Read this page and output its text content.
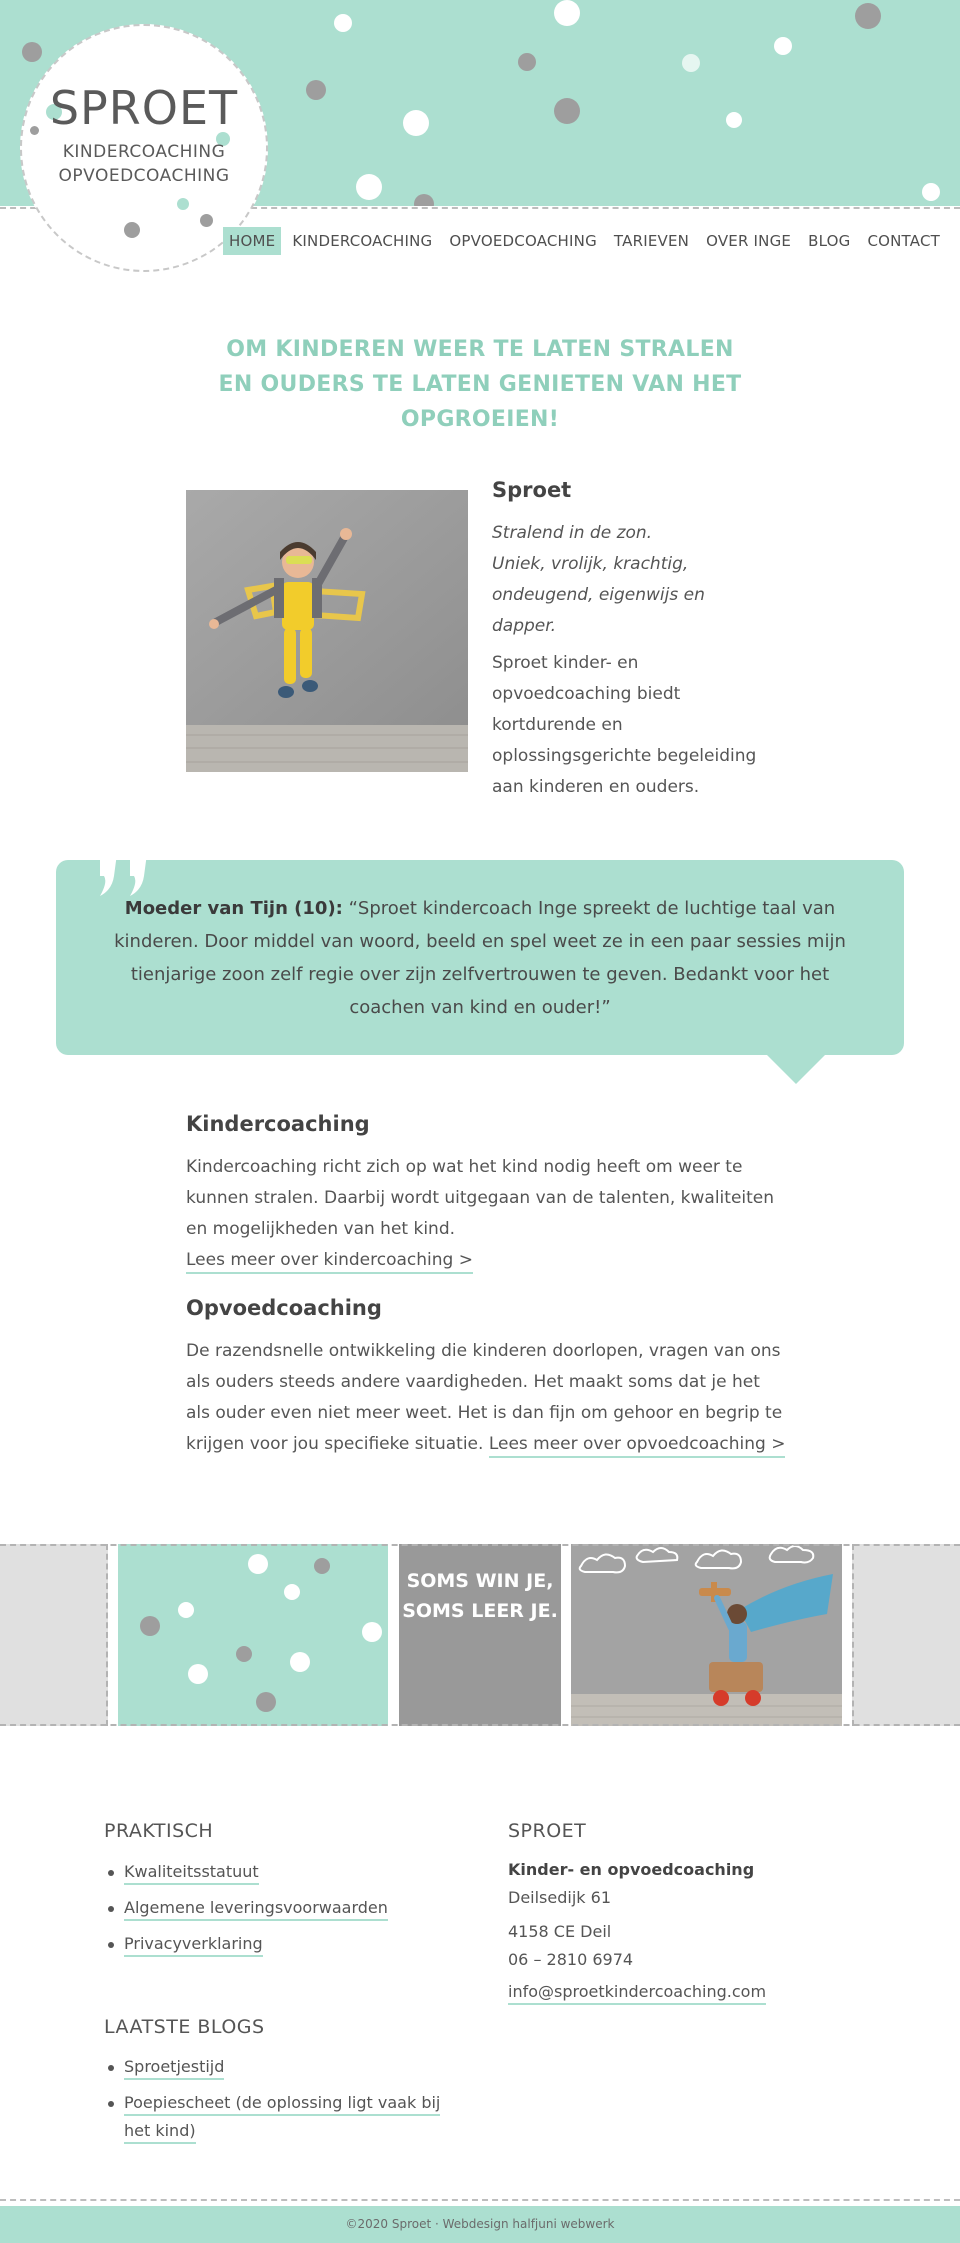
SPROET
KINDERCOACHING
OPVOEDCOACHING
HOME	KINDERCOACHING	OPVOEDCOACHING	TARIEVEN	OVER INGE	BLOG	CONTACT
OM KINDEREN WEER TE LATEN STRALEN
EN OUDERS TE LATEN GENIETEN VAN HET
OPGROEIEN!
Sproet
Stralend in de zon.
Uniek, vrolijk, krachtig,
ondeugend, eigenwijs en
dapper.
Sproet kinder- en opvoedcoaching biedt kortdurende en oplossingsgerichte begeleiding aan kinderen en ouders.

Moeder van Tijn (10): “Sproet kindercoach Inge spreekt de luchtige taal van kinderen. Door middel van woord, beeld en spel weet ze in een paar sessies mijn tienjarige zoon zelf regie over zijn zelfvertrouwen te geven. Bedankt voor het coachen van kind en ouder!”

Kindercoaching
Kindercoaching richt zich op wat het kind nodig heeft om weer te kunnen stralen. Daarbij wordt uitgegaan van de talenten, kwaliteiten en mogelijkheden van het kind.
Lees meer over kindercoaching >
Opvoedcoaching
De razendsnelle ontwikkeling die kinderen doorlopen, vragen van ons als ouders steeds andere vaardigheden. Het maakt soms dat je het als ouder even niet meer weet. Het is dan fijn om gehoor en begrip te krijgen voor jou specifieke situatie. Lees meer over opvoedcoaching >
SOMS WIN JE,
SOMS LEER JE.
PRAKTISCH
Kwaliteitsstatuut
Algemene leveringsvoorwaarden
Privacyverklaring
LAATSTE BLOGS
Sproetjestijd
Poepiescheet (de oplossing ligt vaak bij het kind)
SPROET
Kinder- en opvoedcoaching
Deilsedijk 61
4158 CE Deil
06 – 2810 6974
info@sproetkindercoaching.com
©2020 Sproet · Webdesign halfjuni webwerk
